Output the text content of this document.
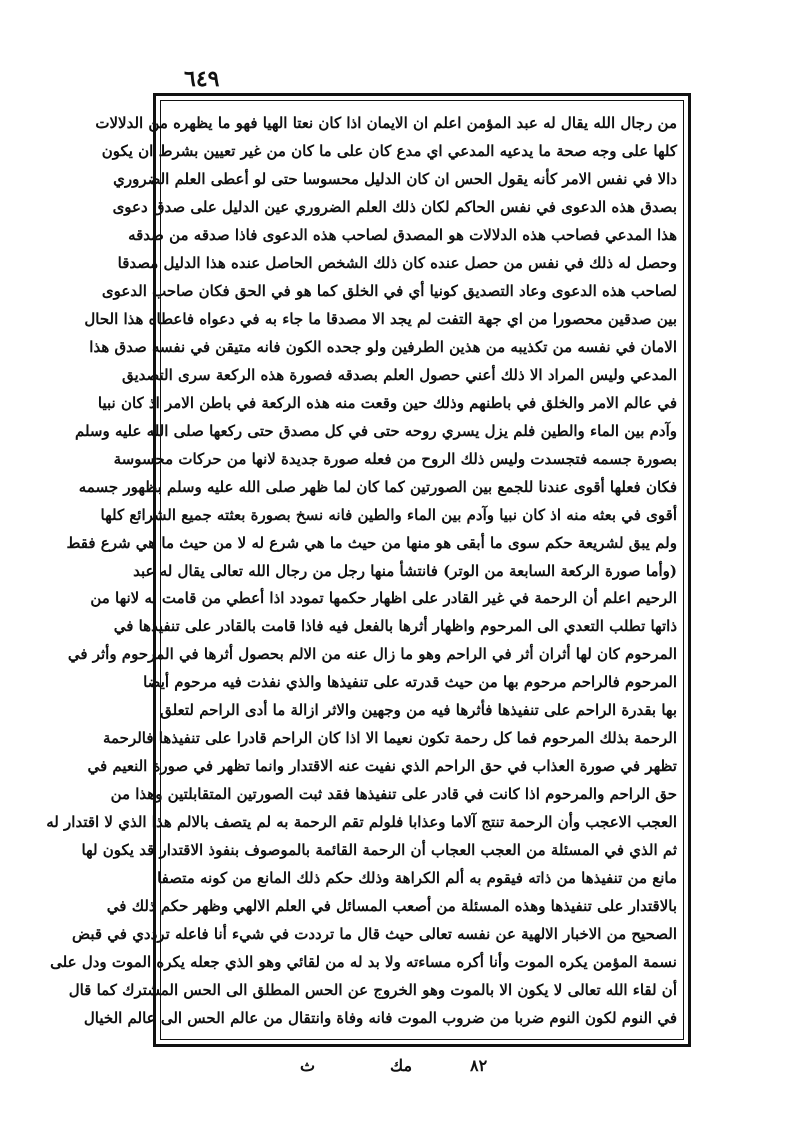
٦٤٩
من رجال الله يقال له عبد المؤمن اعلم ان الايمان اذا كان نعتا الهيا فهو ما يظهره من الدلالات
كلها على وجه صحة ما يدعيه المدعي اي مدع كان على ما كان من غير تعيين بشرط ان يكون
دالا في نفس الامر كأنه يقول الحس ان كان الدليل محسوسا حتى لو أعطى العلم الضروري
بصدق هذه الدعوى في نفس الحاكم لكان ذلك العلم الضروري عين الدليل على صدق دعوى
هذا المدعي فصاحب هذه الدلالات هو المصدق لصاحب هذه الدعوى فاذا صدقه من صدقه
وحصل له ذلك في نفس من حصل عنده كان ذلك الشخص الحاصل عنده هذا الدليل مصدقا
لصاحب هذه الدعوى وعاد التصديق كونيا أي في الخلق كما هو في الحق فكان صاحب الدعوى
بين صدقين محصورا من اي جهة التفت لم يجد الا مصدقا ما جاء به في دعواه فاعطاه هذا الحال
الامان في نفسه من تكذيبه من هذين الطرفين ولو جحده الكون فانه متيقن في نفسه صدق هذا
المدعي وليس المراد الا ذلك أعني حصول العلم بصدقه فصورة هذه الركعة سرى التصديق
في عالم الامر والخلق في باطنهم وذلك حين وقعت منه هذه الركعة في باطن الامر اذ كان نبيا
وآدم بين الماء والطين فلم يزل يسري روحه حتى في كل مصدق حتى ركعها صلى الله عليه وسلم
بصورة جسمه فتجسدت وليس ذلك الروح من فعله صورة جديدة لانها من حركات محسوسة
فكان فعلها أقوى عندنا للجمع بين الصورتين كما كان لما ظهر صلى الله عليه وسلم بظهور جسمه
أقوى في بعثه منه اذ كان نبيا وآدم بين الماء والطين فانه نسخ بصورة بعثته جميع الشرائع كلها
ولم يبق لشريعة حكم سوى ما أبقى هو منها من حيث ما هي شرع له لا من حيث ما هي شرع فقط
(وأما صورة الركعة السابعة من الوتر) فانتشأ منها رجل من رجال الله تعالى يقال له عبد
الرحيم اعلم أن الرحمة في غير القادر على اظهار حكمها تمودد اذا أعطي من قامت به لانها من
ذاتها تطلب التعدي الى المرحوم واظهار أثرها بالفعل فيه فاذا قامت بالقادر على تنفيذها في
المرحوم كان لها أثران أثر في الراحم وهو ما زال عنه من الالم بحصول أثرها في المرحوم وأثر في
المرحوم فالراحم مرحوم بها من حيث قدرته على تنفيذها والذي نفذت فيه مرحوم أيضا
بها بقدرة الراحم على تنفيذها فأثرها فيه من وجهين والاثر ازالة ما أدى الراحم لتعلق
الرحمة بذلك المرحوم فما كل رحمة تكون نعيما الا اذا كان الراحم قادرا على تنفيذها فالرحمة
تظهر في صورة العذاب في حق الراحم الذي نفيت عنه الاقتدار وانما تظهر في صورة النعيم في
حق الراحم والمرحوم اذا كانت في قادر على تنفيذها فقد ثبت الصورتين المتقابلتين وهذا من
العجب الاعجب وأن الرحمة تنتج آلاما وعذابا فلولم تقم الرحمة به لم يتصف بالالم هذا الذي لا اقتدار له
ثم الذي في المسئلة من العجب العجاب أن الرحمة القائمة بالموصوف بنفوذ الاقتدار قد يكون لها
مانع من تنفيذها من ذاته فيقوم به ألم الكراهة وذلك حكم ذلك المانع من كونه متصفا
بالاقتدار على تنفيذها وهذه المسئلة من أصعب المسائل في العلم الالهي وظهر حكم ذلك في
الصحيح من الاخبار الالهية عن نفسه تعالى حيث قال ما ترددت في شيء أنا فاعله ترددي في قبض
نسمة المؤمن يكره الموت وأنا أكره مساءته ولا بد له من لقائي وهو الذي جعله يكره الموت ودل على
أن لقاء الله تعالى لا يكون الا بالموت وهو الخروج عن الحس المطلق الى الحس المشترك كما قال
في النوم لكون النوم ضربا من ضروب الموت فانه وفاة وانتقال من عالم الحس الى عالم الخيال
٨٢
مك
ث
